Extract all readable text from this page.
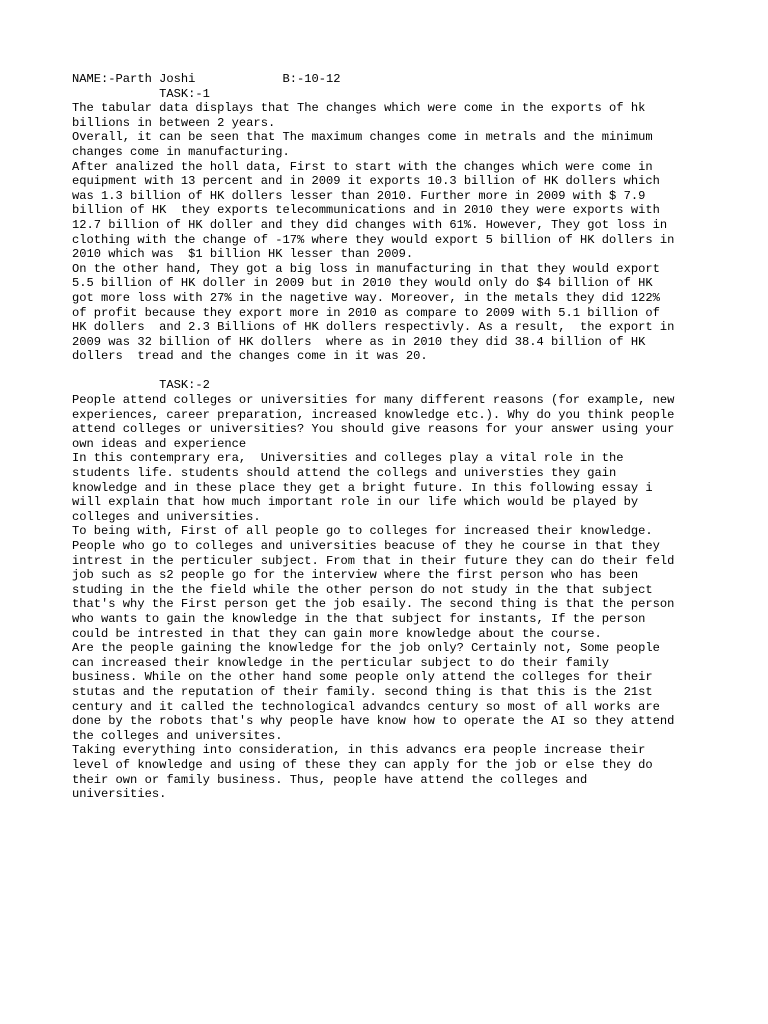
NAME:-Parth Joshi            B:-10-12
TASK:-1
The tabular data displays that The changes which were come in the exports of hk
billions in between 2 years.
Overall, it can be seen that The maximum changes come in metrals and the minimum
changes come in manufacturing.
After analized the holl data, First to start with the changes which were come in
equipment with 13 percent and in 2009 it exports 10.3 billion of HK dollers which
was 1.3 billion of HK dollers lesser than 2010. Further more in 2009 with $ 7.9
billion of HK  they exports telecommunications and in 2010 they were exports with
12.7 billion of HK doller and they did changes with 61%. However, They got loss in
clothing with the change of -17% where they would export 5 billion of HK dollers in
2010 which was  $1 billion HK lesser than 2009.
On the other hand, They got a big loss in manufacturing in that they would export
5.5 billion of HK doller in 2009 but in 2010 they would only do $4 billion of HK
got more loss with 27% in the nagetive way. Moreover, in the metals they did 122%
of profit because they export more in 2010 as compare to 2009 with 5.1 billion of
HK dollers  and 2.3 Billions of HK dollers respectivly. As a result,  the export in
2009 was 32 billion of HK dollers  where as in 2010 they did 38.4 billion of HK
dollers  tread and the changes come in it was 20.
TASK:-2
People attend colleges or universities for many different reasons (for example, new
experiences, career preparation, increased knowledge etc.). Why do you think people
attend colleges or universities? You should give reasons for your answer using your
own ideas and experience
In this contemprary era,  Universities and colleges play a vital role in the
students life. students should attend the collegs and universties they gain
knowledge and in these place they get a bright future. In this following essay i
will explain that how much important role in our life which would be played by
colleges and universities.
To being with, First of all people go to colleges for increased their knowledge.
People who go to colleges and universities beacuse of they he course in that they
intrest in the perticuler subject. From that in their future they can do their feld
job such as s2 people go for the interview where the first person who has been
studing in the the field while the other person do not study in the that subject
that's why the First person get the job esaily. The second thing is that the person
who wants to gain the knowledge in the that subject for instants, If the person
could be intrested in that they can gain more knowledge about the course.
Are the people gaining the knowledge for the job only? Certainly not, Some people
can increased their knowledge in the perticular subject to do their family
business. While on the other hand some people only attend the colleges for their
stutas and the reputation of their family. second thing is that this is the 21st
century and it called the technological advandcs century so most of all works are
done by the robots that's why people have know how to operate the AI so they attend
the colleges and universites.
Taking everything into consideration, in this advancs era people increase their
level of knowledge and using of these they can apply for the job or else they do
their own or family business. Thus, people have attend the colleges and
universities.
